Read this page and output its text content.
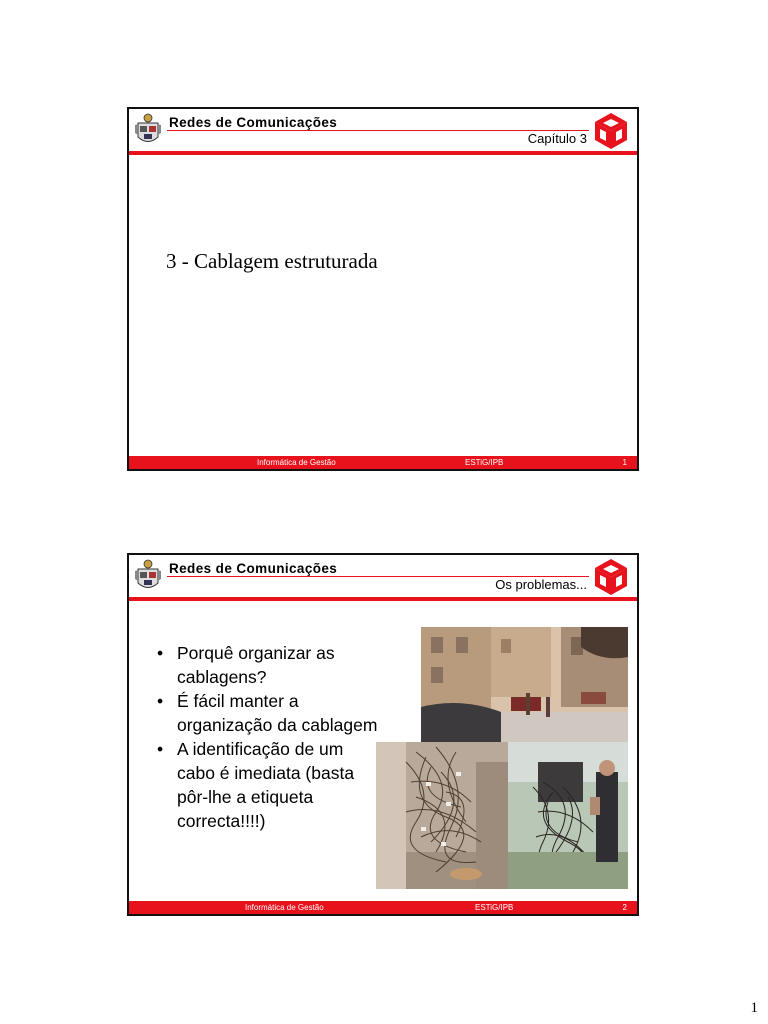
Redes de Comunicações
Capítulo 3
3 - Cablagem estruturada
Informática de Gestão	ESTiG/IPB	1
Redes de Comunicações
Os problemas...
• Porquê organizar as cablagens?
• É fácil manter a organização da cablagem
• A identificação de um cabo é imediata (basta pôr-lhe a etiqueta correcta!!!!)
Informática de Gestão	ESTiG/IPB	2
1
